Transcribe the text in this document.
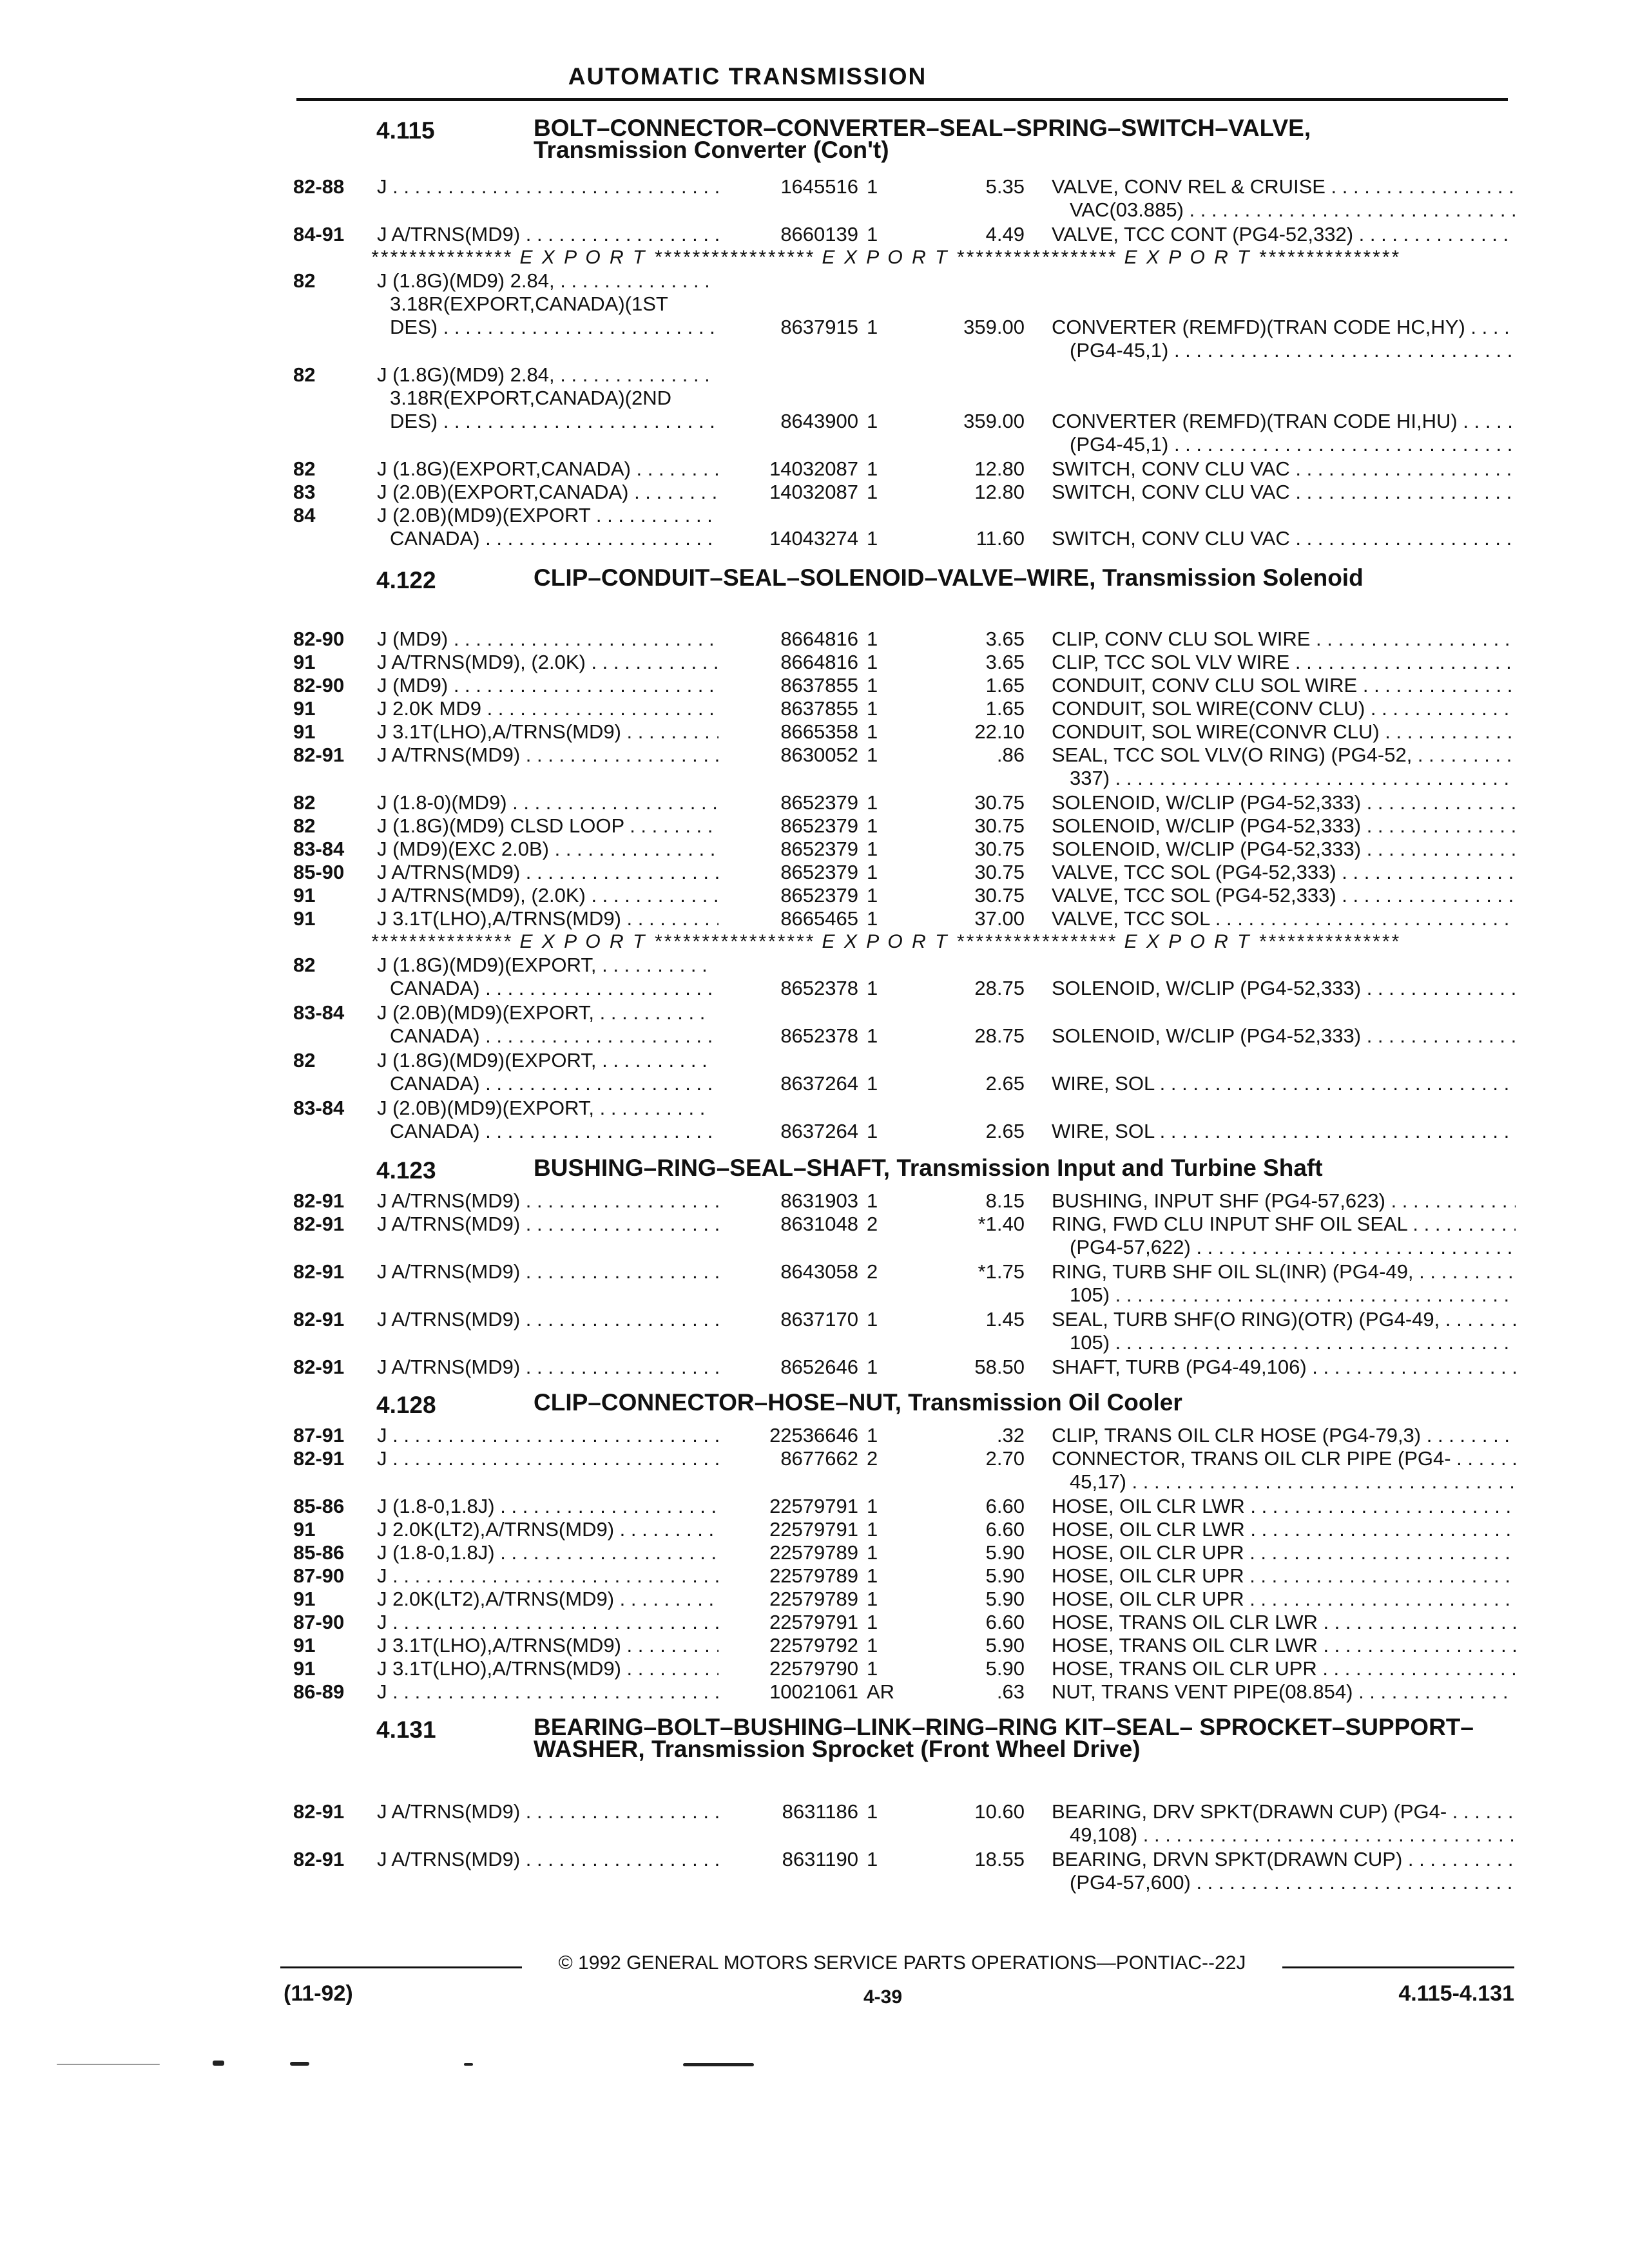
AUTOMATIC TRANSMISSION
4.115	BOLT–CONNECTOR–CONVERTER–SEAL–SPRING–SWITCH–VALVE,
Transmission Converter (Con't)
82-88	J . . .	1645516 1	5.35 VALVE, CONV REL & CRUISE . . .
VAC(03.885) . . .
84-91	J A/TRNS(MD9) . . .	8660139 1	4.49 VALVE, TCC CONT (PG4-52,332) . . .
*************** E X P O R T ***************** E X P O R T ***************** E X P O R T ***************
82	J (1.8G)(MD9) 2.84, . . .
3.18R(EXPORT,CANADA)(1ST
DES) . . .	8637915 1	359.00 CONVERTER (REMFD)(TRAN CODE HC,HY) . . .
(PG4-45,1) . . .
82	J (1.8G)(MD9) 2.84, . . .
3.18R(EXPORT,CANADA)(2ND
DES) . . .	8643900 1	359.00 CONVERTER (REMFD)(TRAN CODE HI,HU) . . .
(PG4-45,1) . . .
82	J (1.8G)(EXPORT,CANADA) . . .	14032087 1	12.80 SWITCH, CONV CLU VAC . . .
83	J (2.0B)(EXPORT,CANADA) . . .	14032087 1	12.80 SWITCH, CONV CLU VAC . . .
84	J (2.0B)(MD9)(EXPORT . . .
CANADA) . . .	14043274 1	11.60 SWITCH, CONV CLU VAC . . .
4.122	CLIP–CONDUIT–SEAL–SOLENOID–VALVE–WIRE, Transmission Solenoid
82-90	J (MD9) . . .	8664816 1	3.65 CLIP, CONV CLU SOL WIRE . . .
91	J A/TRNS(MD9), (2.0K) . . .	8664816 1	3.65 CLIP, TCC SOL VLV WIRE . . .
82-90	J (MD9) . . .	8637855 1	1.65 CONDUIT, CONV CLU SOL WIRE . . .
91	J 2.0K MD9 . . .	8637855 1	1.65 CONDUIT, SOL WIRE(CONV CLU) . . .
91	J 3.1T(LHO),A/TRNS(MD9) . . .	8665358 1	22.10 CONDUIT, SOL WIRE(CONVR CLU) . . .
82-91	J A/TRNS(MD9) . . .	8630052 1	.86 SEAL, TCC SOL VLV(O RING) (PG4-52, . . .
337) . . .
82	J (1.8-0)(MD9) . . .	8652379 1	30.75 SOLENOID, W/CLIP (PG4-52,333) . . .
82	J (1.8G)(MD9) CLSD LOOP . . .	8652379 1	30.75 SOLENOID, W/CLIP (PG4-52,333) . . .
83-84	J (MD9)(EXC 2.0B) . . .	8652379 1	30.75 SOLENOID, W/CLIP (PG4-52,333) . . .
85-90	J A/TRNS(MD9) . . .	8652379 1	30.75 VALVE, TCC SOL (PG4-52,333) . . .
91	J A/TRNS(MD9), (2.0K) . . .	8652379 1	30.75 VALVE, TCC SOL (PG4-52,333) . . .
91	J 3.1T(LHO),A/TRNS(MD9) . . .	8665465 1	37.00 VALVE, TCC SOL . . .
*************** E X P O R T ***************** E X P O R T ***************** E X P O R T ***************
82	J (1.8G)(MD9)(EXPORT, . . .
CANADA) . . .	8652378 1	28.75 SOLENOID, W/CLIP (PG4-52,333) . . .
83-84	J (2.0B)(MD9)(EXPORT, . . .
CANADA) . . .	8652378 1	28.75 SOLENOID, W/CLIP (PG4-52,333) . . .
82	J (1.8G)(MD9)(EXPORT, . . .
CANADA) . . .	8637264 1	2.65 WIRE, SOL . . .
83-84	J (2.0B)(MD9)(EXPORT, . . .
CANADA) . . .	8637264 1	2.65 WIRE, SOL . . .
4.123	BUSHING–RING–SEAL–SHAFT, Transmission Input and Turbine Shaft
82-91	J A/TRNS(MD9) . . .	8631903 1	8.15 BUSHING, INPUT SHF (PG4-57,623) . . .
82-91	J A/TRNS(MD9) . . .	8631048 2	*1.40 RING, FWD CLU INPUT SHF OIL SEAL . . .
(PG4-57,622) . . .
82-91	J A/TRNS(MD9) . . .	8643058 2	*1.75 RING, TURB SHF OIL SL(INR) (PG4-49, . . .
105) . . .
82-91	J A/TRNS(MD9) . . .	8637170 1	1.45 SEAL, TURB SHF(O RING)(OTR) (PG4-49, . . .
105) . . .
82-91	J A/TRNS(MD9) . . .	8652646 1	58.50 SHAFT, TURB (PG4-49,106) . . .
4.128	CLIP–CONNECTOR–HOSE–NUT, Transmission Oil Cooler
87-91	J . . .	22536646 1	.32 CLIP, TRANS OIL CLR HOSE (PG4-79,3) . . .
82-91	J . . .	8677662 2	2.70 CONNECTOR, TRANS OIL CLR PIPE (PG4- . . .
45,17) . . .
85-86	J (1.8-0,1.8J) . . .	22579791 1	6.60 HOSE, OIL CLR LWR . . .
91	J 2.0K(LT2),A/TRNS(MD9) . . .	22579791 1	6.60 HOSE, OIL CLR LWR . . .
85-86	J (1.8-0,1.8J) . . .	22579789 1	5.90 HOSE, OIL CLR UPR . . .
87-90	J . . .	22579789 1	5.90 HOSE, OIL CLR UPR . . .
91	J 2.0K(LT2),A/TRNS(MD9) . . .	22579789 1	5.90 HOSE, OIL CLR UPR . . .
87-90	J . . .	22579791 1	6.60 HOSE, TRANS OIL CLR LWR . . .
91	J 3.1T(LHO),A/TRNS(MD9) . . .	22579792 1	5.90 HOSE, TRANS OIL CLR LWR . . .
91	J 3.1T(LHO),A/TRNS(MD9) . . .	22579790 1	5.90 HOSE, TRANS OIL CLR UPR . . .
86-89	J . . .	10021061 AR	.63 NUT, TRANS VENT PIPE(08.854) . . .
4.131	BEARING–BOLT–BUSHING–LINK–RING–RING KIT–SEAL– SPROCKET–SUPPORT–WASHER, Transmission Sprocket (Front Wheel Drive)
82-91	J A/TRNS(MD9) . . .	8631186 1	10.60 BEARING, DRV SPKT(DRAWN CUP) (PG4- . . .
49,108) . . .
82-91	J A/TRNS(MD9) . . .	8631190 1	18.55 BEARING, DRVN SPKT(DRAWN CUP) . . .
(PG4-57,600) . . .
© 1992 GENERAL MOTORS SERVICE PARTS OPERATIONS—PONTIAC--22J
(11-92)	4-39	4.115-4.131
